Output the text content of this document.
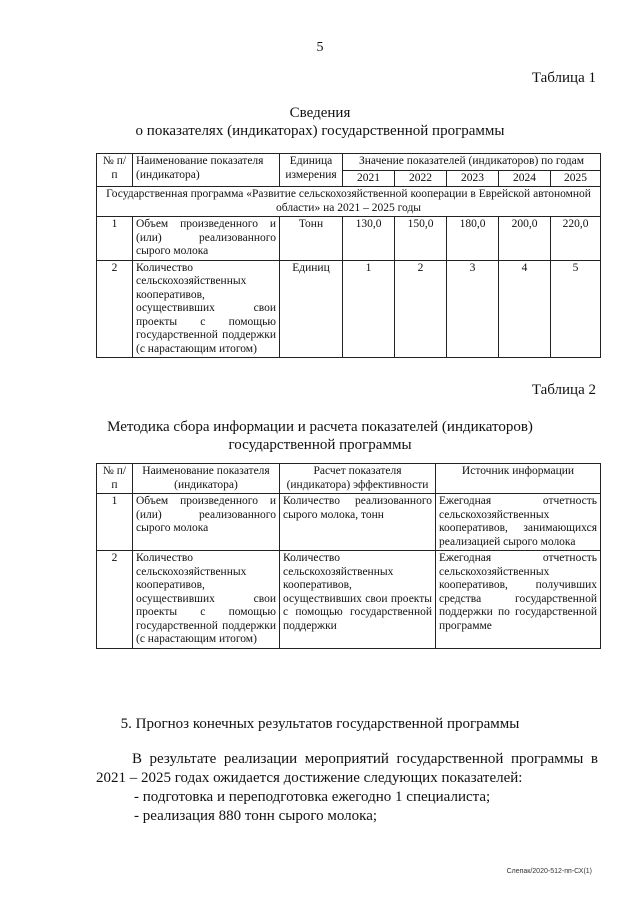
5
Таблица 1
Сведения
о показателях (индикаторах) государственной программы
№ п/п	Наименование показателя (индикатора)	Единица измерения	Значение показателей (индикаторов) по годам				
			2021	2022	2023	2024	2025
Государственная программа «Развитие сельскохозяйственной кооперации в Еврейской автономной области» на 2021 – 2025 годы							
1	Объем произведенного и (или) реализованного сырого молока	Тонн	130,0	150,0	180,0	200,0	220,0
2	Количество сельскохозяйственных кооперативов, осуществивших свои проекты с помощью государственной поддержки (с нарастающим итогом)	Единиц	1	2	3	4	5
Таблица 2
Методика сбора информации и расчета показателей (индикаторов)
государственной программы
№ п/п	Наименование показателя (индикатора)	Расчет показателя (индикатора) эффективности	Источник информации
1	Объем произведенного и (или) реализованного сырого молока	Количество реализованного сырого молока, тонн	Ежегодная отчетность сельскохозяйственных кооперативов, занимающихся реализацией сырого молока
2	Количество сельскохозяйственных кооперативов, осуществивших свои проекты с помощью государственной поддержки (с нарастающим итогом)	Количество сельскохозяйственных кооперативов, осуществивших свои проекты с помощью государственной поддержки	Ежегодная отчетность сельскохозяйственных кооперативов, получивших средства государственной поддержки по государственной программе
5. Прогноз конечных результатов государственной программы

В результате реализации мероприятий государственной программы в 2021 – 2025 годах ожидается достижение следующих показателей:

- подготовка и переподготовка ежегодно 1 специалиста;

- реализация 880 тонн сырого молока;

Слепак/2020-512-пп-СХ(1)
